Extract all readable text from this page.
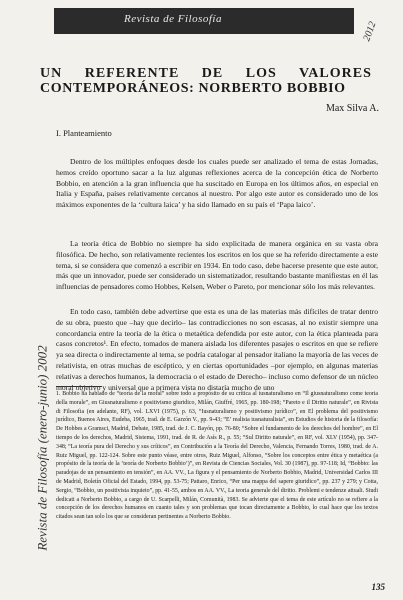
Revista de Filosofía
2012
UN REFERENTE DE LOS VALORES
CONTEMPORÁNEOS: NORBERTO BOBBIO
Max Silva A.
I. Planteamiento
Dentro de los múltiples enfoques desde los cuales puede ser analizado el tema de estas Jornadas, hemos creído oportuno sacar a la luz algunas reflexiones acerca de la concepción ética de Norberto Bobbio, en atención a la gran influencia que ha suscitado en Europa en los últimos años, en especial en Italia y España, países relativamente cercanos al nuestro. Por algo este autor es considerado uno de los máximos exponentes de la ‘cultura laica’ y ha sido llamado en su país el ‘Papa laico’.
La teoría ética de Bobbio no siempre ha sido explicitada de manera orgánica en su vasta obra filosófica. De hecho, son relativamente recientes los escritos en los que se ha referido directamente a este tema, si se considera que comenzó a escribir en 1934. En todo caso, debe hacerse presente que este autor, más que un innovador, puede ser considerado un sistematizador, resultando bastante manifiestas en él las influencias de pensadores como Hobbes, Kelsen, Weber o Pareto, por mencionar sólo los más relevantes.
En todo caso, también debe advertirse que esta es una de las materias más difíciles de tratar dentro de su obra, puesto que –hay que decirlo– las contradicciones no son escasas, al no existir siempre una concordancia entre la teoría de la ética o metaética defendida por este autor, con la ética planteada para casos concretos¹. En efecto, tomados de manera aislada los diferentes pasajes o escritos en que se refiere ya sea directa o indirectamente al tema, se podría catalogar al pensador italiano la mayoría de las veces de relativista, en otras muchas de escéptico, y en ciertas oportunidades –por ejemplo, en algunas materias relativas a derechos humanos, la democracia o el estado de Derecho– incluso como defensor de un núcleo moral objetivo y universal que a primera vista no distaría mucho de uno
1. Bobbio ha hablado de “teoría de la moral” sobre todo a propósito de su crítica al iusnaturalismo en “Il giusnaturalismo come teoria della morale”, en Giusnaturalismo e positivismo giuridico, Milán, Giuffré, 1965, pp. 180-198; “Pareto e il Diritto naturale”, en Rivista di Filosofia (en adelante, RF), vol. LXVI (1975), p. 63, “Iusnaturalismo y positivismo jurídico”, en El problema del positivismo jurídico, Buenos Aires, Eudeba, 1965, trad. de E. Garzón V., pp. 9-43; “E’ realista iusnaturalista”, en Estudios de historia de la filosofía: De Hobbes a Gramsci, Madrid, Debate, 1985, trad. de J. C. Bayón, pp. 76-80; “Sobre el fundamento de los derechos del hombre”, en El tiempo de los derechos, Madrid, Sistema, 1991, trad. de R. de Asís R., p. 55; “Sul Diritto naturale”, en RF, vol. XLV (1954), pp. 347-348; “La teoría pura del Derecho y sus críticos”, en Contribución a la Teoría del Derecho, Valencia, Fernando Torres, 1980, trad. de A. Ruiz Miguel, pp. 122-124. Sobre este punto véase, entre otros, Ruiz Miguel, Alfonso, “Sobre los conceptos entre ética y metaética (a propósito de la teoría de la ‘teoría de Norberto Bobbio’)”, en Revista de Ciencias Sociales, Vol. 30 (1987), pp. 97-118; Id, “Bobbio: las paradojas de un pensamiento en tensión”, en AA. VV., La figura y el pensamiento de Norberto Bobbio, Madrid, Universidad Carlos III de Madrid, Boletín Oficial del Estado, 1994, pp. 53-75; Pattaro, Enrico, “Per una mappa del sapere giuridico”, pp. 237 y 279; y Cotta, Sergio, “Bobbio, un positivista inquieto”, pp. 41-55, ambos en AA. VV., La teoria generale del diritto. Problemi e tendenze attuali. Studi dedicati a Norberto Bobbio, a cargo de U. Scarpelli, Milán, Comunità, 1983. Se advierte que el tema de este artículo no se refiere a la concepción de los derechos humanos en cuanto tales y son problemas que tocan directamente a Bobbio, lo cual hace que los textos citados sean tan solo los que se consideran pertinentes a Norberto Bobbio.
Revista de Filosofía (enero-junio) 2002
135
